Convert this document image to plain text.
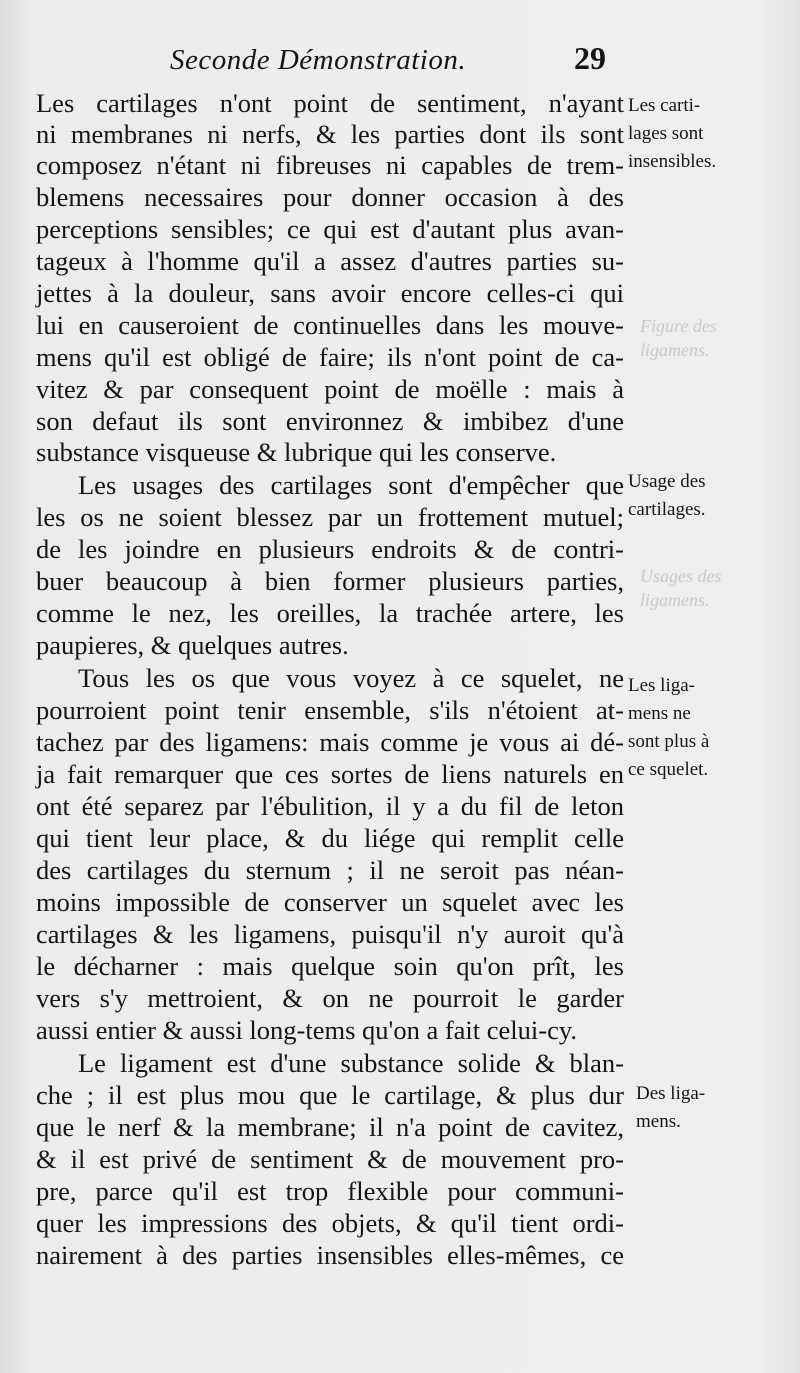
Seconde Démonstration.	29
Les cartilages n'ont point de sentiment, n'ayant
ni membranes ni nerfs, & les parties dont ils sont
composez n'étant ni fibreuses ni capables de trem-
blemens necessaires pour donner occasion à des
perceptions sensibles; ce qui est d'autant plus avan-
tageux à l'homme qu'il a assez d'autres parties su-
jettes à la douleur, sans avoir encore celles-ci qui
lui en causeroient de continuelles dans les mouve-
mens qu'il est obligé de faire; ils n'ont point de ca-
vitez & par consequent point de moëlle : mais à
son defaut ils sont environnez & imbibez d'une
substance visqueuse & lubrique qui les conserve.
Les usages des cartilages sont d'empêcher que
les os ne soient blessez par un frottement mutuel;
de les joindre en plusieurs endroits & de contri-
buer beaucoup à bien former plusieurs parties,
comme le nez, les oreilles, la trachée artere, les
paupieres, & quelques autres.
Tous les os que vous voyez à ce squelet, ne
pourroient point tenir ensemble, s'ils n'étoient at-
tachez par des ligamens: mais comme je vous ai dé-
ja fait remarquer que ces sortes de liens naturels en
ont été separez par l'ébulition, il y a du fil de leton
qui tient leur place, & du liége qui remplit celle
des cartilages du sternum ; il ne seroit pas néan-
moins impossible de conserver un squelet avec les
cartilages & les ligamens, puisqu'il n'y auroit qu'à
le décharner : mais quelque soin qu'on prît, les
vers s'y mettroient, & on ne pourroit le garder
aussi entier & aussi long-tems qu'on a fait celui-cy.
Le ligament est d'une substance solide & blan-
che ; il est plus mou que le cartilage, & plus dur
que le nerf & la membrane; il n'a point de cavitez,
& il est privé de sentiment & de mouvement pro-
pre, parce qu'il est trop flexible pour communi-
quer les impressions des objets, & qu'il tient ordi-
nairement à des parties insensibles elles-mêmes, ce
Les carti-
lages sont
insensibles.
Usage des
cartilages.
Les liga-
mens ne
sont plus à
ce squelet.
Des liga-
mens.
Figure des
ligamens.
Usages des
ligamens.
